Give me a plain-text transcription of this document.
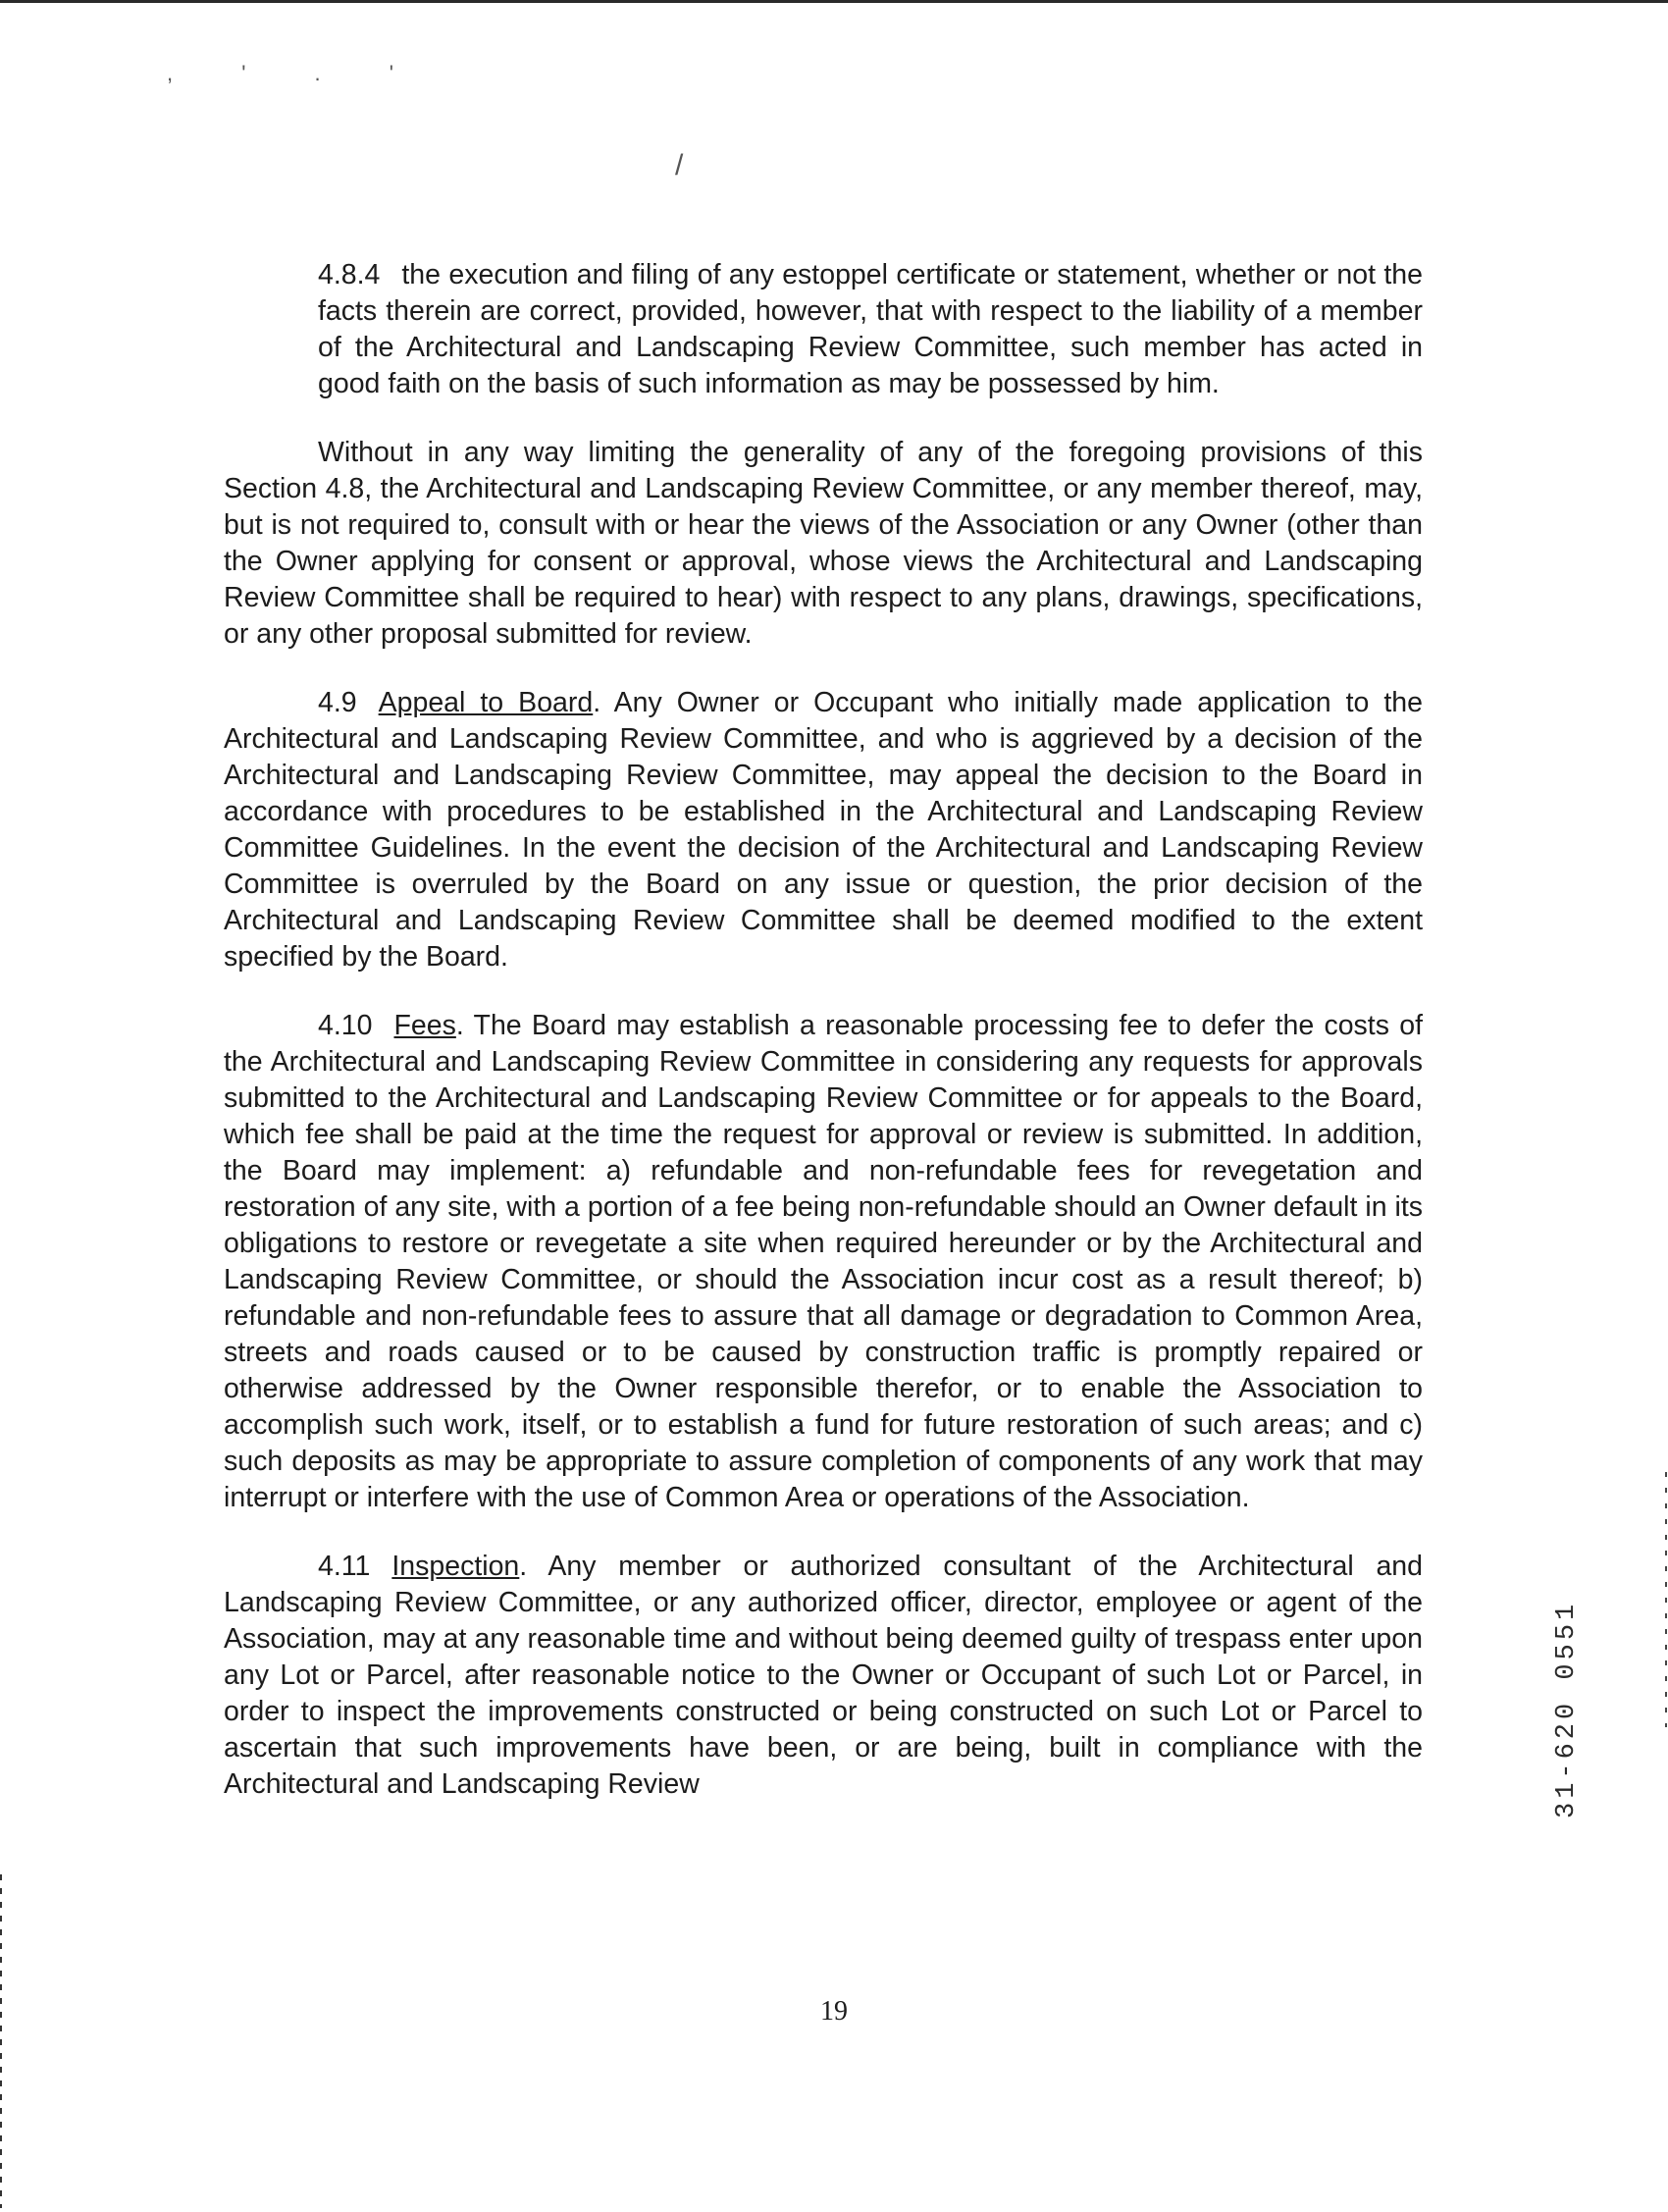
, ' . '
/

4.8.4 the execution and filing of any estoppel certificate or statement, whether or not the facts therein are correct, provided, however, that with respect to the liability of a member of the Architectural and Landscaping Review Committee, such member has acted in good faith on the basis of such information as may be possessed by him.

Without in any way limiting the generality of any of the foregoing provisions of this Section 4.8, the Architectural and Landscaping Review Committee, or any member thereof, may, but is not required to, consult with or hear the views of the Association or any Owner (other than the Owner applying for consent or approval, whose views the Architectural and Landscaping Review Committee shall be required to hear) with respect to any plans, drawings, specifications, or any other proposal submitted for review.

4.9 Appeal to Board. Any Owner or Occupant who initially made application to the Architectural and Landscaping Review Committee, and who is aggrieved by a decision of the Architectural and Landscaping Review Committee, may appeal the decision to the Board in accordance with procedures to be established in the Architectural and Landscaping Review Committee Guidelines. In the event the decision of the Architectural and Landscaping Review Committee is overruled by the Board on any issue or question, the prior decision of the Architectural and Landscaping Review Committee shall be deemed modified to the extent specified by the Board.

4.10 Fees. The Board may establish a reasonable processing fee to defer the costs of the Architectural and Landscaping Review Committee in considering any requests for approvals submitted to the Architectural and Landscaping Review Committee or for appeals to the Board, which fee shall be paid at the time the request for approval or review is submitted. In addition, the Board may implement: a) refundable and non-refundable fees for revegetation and restoration of any site, with a portion of a fee being non-refundable should an Owner default in its obligations to restore or revegetate a site when required hereunder or by the Architectural and Landscaping Review Committee, or should the Association incur cost as a result thereof; b) refundable and non-refundable fees to assure that all damage or degradation to Common Area, streets and roads caused or to be caused by construction traffic is promptly repaired or otherwise addressed by the Owner responsible therefor, or to enable the Association to accomplish such work, itself, or to establish a fund for future restoration of such areas; and c) such deposits as may be appropriate to assure completion of components of any work that may interrupt or interfere with the use of Common Area or operations of the Association.

4.11 Inspection. Any member or authorized consultant of the Architectural and Landscaping Review Committee, or any authorized officer, director, employee or agent of the Association, may at any reasonable time and without being deemed guilty of trespass enter upon any Lot or Parcel, after reasonable notice to the Owner or Occupant of such Lot or Parcel, in order to inspect the improvements constructed or being constructed on such Lot or Parcel to ascertain that such improvements have been, or are being, built in compliance with the Architectural and Landscaping Review	31-620 0551
19
